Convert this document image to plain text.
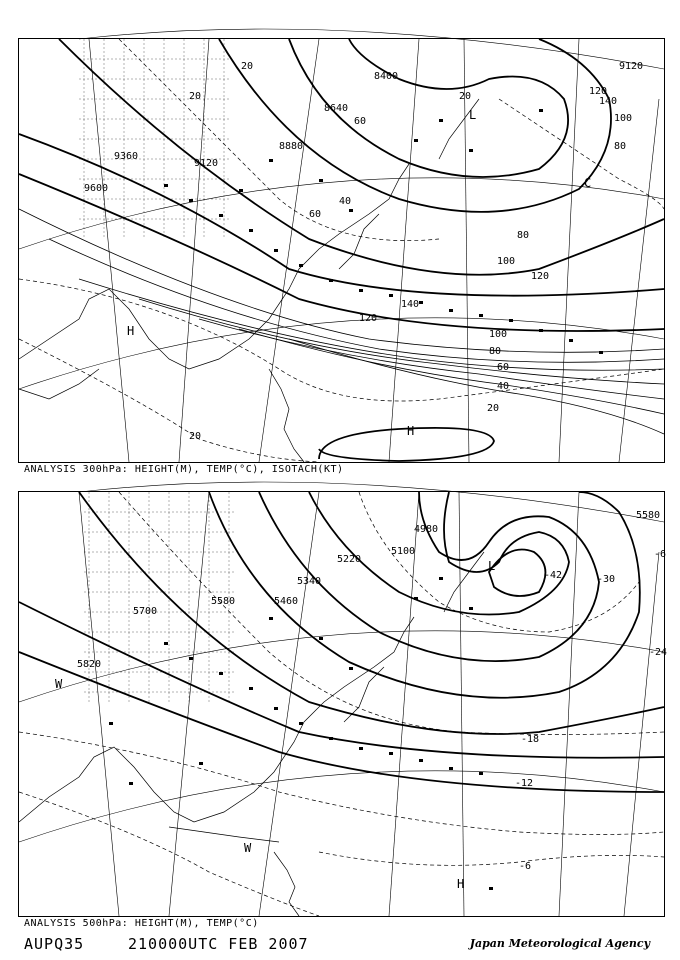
8400
8640
8880
9120
9360
9600
9120
20
20
40
60
80
100
120
140
120
100
80
60
40
20
20
20
60
80
100
120
140
H
H
L
C
ANALYSIS 300hPa: HEIGHT(M), TEMP(°C), ISOTACH(KT)
4980
5100
5220
5340
5460
5580
5700
5820
5580
-42	-30
-24
-18
-12
-6
-6
L
W
W
H
ANALYSIS 500hPa: HEIGHT(M), TEMP(°C)
AUPQ35	210000UTC FEB 2007	Japan Meteorological Agency
